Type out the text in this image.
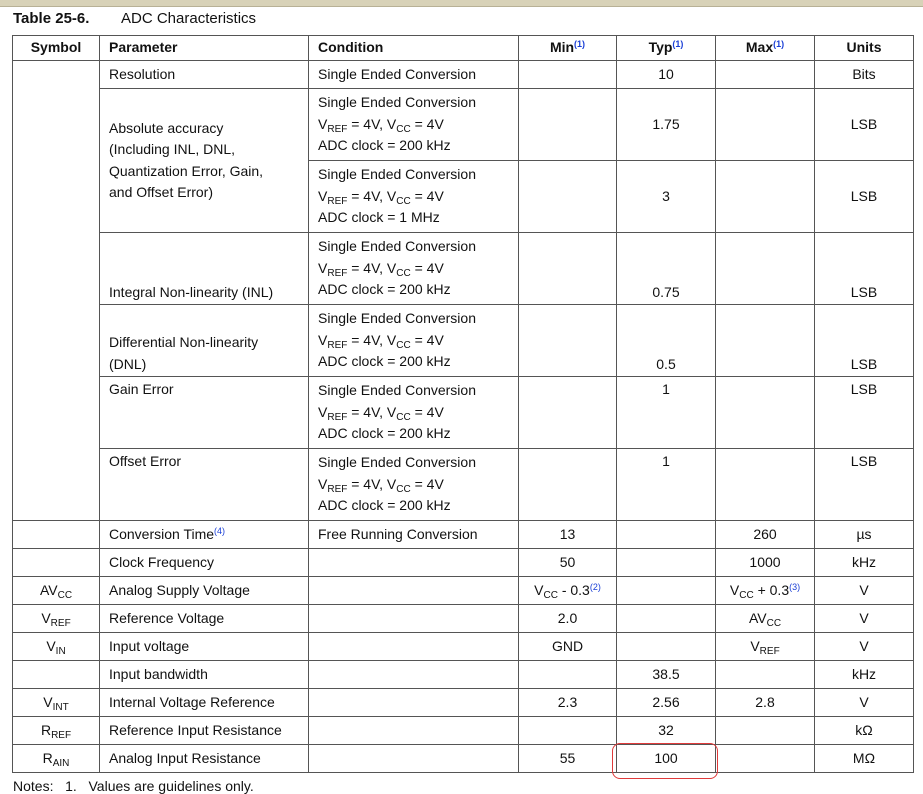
Table 25-6. ADC Characteristics
Symbol	Parameter	Condition	Min$^{(1)}$	Typ$^{(1)}$	Max$^{(1)}$	Units
	Resolution	Single Ended Conversion		10		Bits

	Absolute accuracy
(Including INL, DNL,
Quantization Error, Gain,
and Offset Error)	Single Ended Conversion
$V_{REF} = 4V$, $V_{CC} = 4V$
ADC clock = 200 kHz		1.75		LSB

		Single Ended Conversion
$V_{REF} = 4V$, $V_{CC} = 4V$
ADC clock = 1 MHz		3		LSB
	Integral Non-linearity (INL)	Single Ended Conversion
$V_{REF} = 4V$, $V_{CC} = 4V$
ADC clock = 200 kHz		0.75		LSB

	Differential Non-linearity
(DNL)	Single Ended Conversion
$V_{REF} = 4V$, $V_{CC} = 4V$
ADC clock = 200 kHz		0.5		LSB
	Gain Error	Single Ended Conversion
$V_{REF} = 4V$, $V_{CC} = 4V$
ADC clock = 200 kHz		1		LSB
	Offset Error	Single Ended Conversion
$V_{REF} = 4V$, $V_{CC} = 4V$
ADC clock = 200 kHz		1		LSB
	Conversion Time$^{(4)}$	Free Running Conversion	13		260	µs
	Clock Frequency		50		1000	kHz
$AV_{CC}$	Analog Supply Voltage		$V_{CC} - 0.3^{(2)}$		$V_{CC} + 0.3^{(3)}$	V
$V_{REF}$	Reference Voltage		2.0		$AV_{CC}$	V
$V_{IN}$	Input voltage		GND		$V_{REF}$	V
	Input bandwidth			38.5		kHz
$V_{INT}$	Internal Voltage Reference		2.3	2.56	2.8	V
$R_{REF}$	Reference Input Resistance			32		kΩ
$R_{AIN}$	Analog Input Resistance		55	100		MΩ
Notes: 1. Values are guidelines only.
